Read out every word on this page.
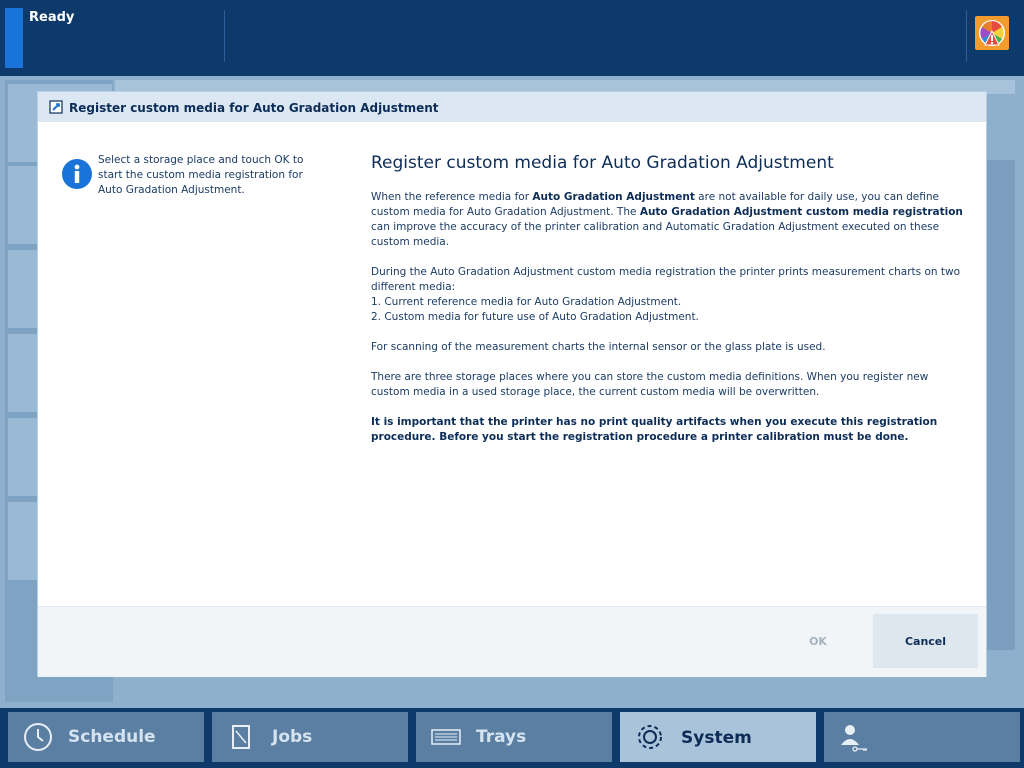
Ready
Register custom media for Auto Gradation Adjustment
Select a storage place and touch OK to start the custom media registration for Auto Gradation Adjustment.
Register custom media for Auto Gradation Adjustment

When the reference media for Auto Gradation Adjustment are not available for daily use, you can define custom media for Auto Gradation Adjustment. The Auto Gradation Adjustment custom media registration can improve the accuracy of the printer calibration and Automatic Gradation Adjustment executed on these custom media.

During the Auto Gradation Adjustment custom media registration the printer prints measurement charts on two different media:
1. Current reference media for Auto Gradation Adjustment.
2. Custom media for future use of Auto Gradation Adjustment.

For scanning of the measurement charts the internal sensor or the glass plate is used.

There are three storage places where you can store the custom media definitions. When you register new custom media in a used storage place, the current custom media will be overwritten.

It is important that the printer has no print quality artifacts when you execute this registration procedure. Before you start the registration procedure a printer calibration must be done.

OK	Cancel
Schedule	Jobs	Trays	System
